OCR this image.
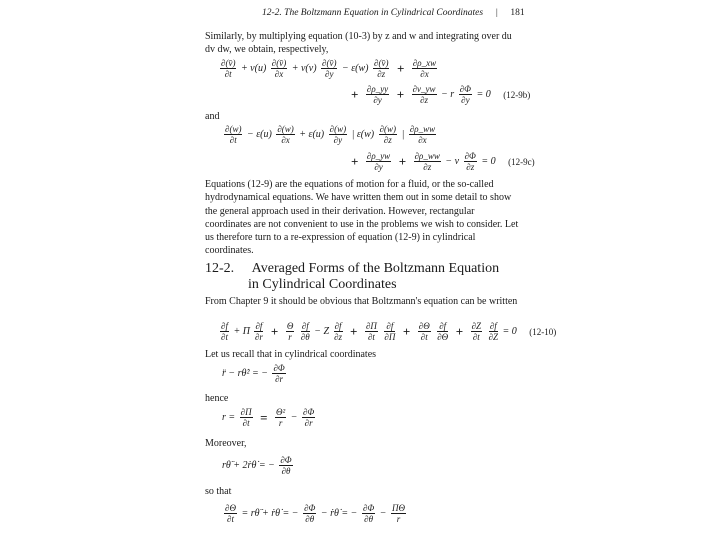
12-2. The Boltzmann Equation in Cylindrical Coordinates | 181
Similarly, by multiplying equation (10-3) by z and w and integrating over du dv dw, we obtain, respectively,
$\frac{\partial(v̄)}{\partial t} + \nu(u) \frac{\partial(v̄)}{\partial x} + \nu(v) \frac{\partial(v̄)}{\partial y} - \varepsilon(w) \frac{\partial(v̄)}{\partial z} + \frac{\partial\rho\_xw}{\partial x}$
+ $\frac{\partial\rho\_yy}{\partial y} + \frac{\partial\nu\_yw}{\partial z} - r \frac{\partial\Phi}{\partial y} = 0$ (12-9b)
and
$\frac{\partial(w)}{\partial t} - \varepsilon(u) \frac{\partial(w)}{\partial x} + \varepsilon(u) \frac{\partial(w)}{\partial y}$ | $\varepsilon(w) \frac{\partial(w)}{\partial z}$ | $\frac{\partial\rho\_ww}{\partial x}$
+ $\frac{\partial\rho\_yw}{\partial y} + \frac{\partial\rho\_ww}{\partial z} - \nu \frac{\partial\Phi}{\partial z} = 0$ (12-9c)
Equations (12-9) are the equations of motion for a fluid, or the so-called hydrodynamical equations. We have written them out in some detail to show the general approach used in their derivation. However, rectangular coordinates are not convenient to use in the problems we wish to consider. Let us therefore turn to a re-expression of equation (12-9) in cylindrical coordinates.
12-2. Averaged Forms of the Boltzmann Equation
in Cylindrical Coordinates
From Chapter 9 it should be obvious that Boltzmann's equation can be written
$\frac{\partial f}{\partial t} + \Pi \frac{\partial f}{\partial r} + \frac{\Theta}{r}$
$\frac{\partial f}{\partial\theta} - Z \frac{\partial f}{\partial z} + \frac{\partial\Pi}{\partial t}$
$\frac{\partial f}{\partial\Pi} + \frac{\partial\Theta}{\partial t}$
$\frac{\partial f}{\partial\Theta} + \frac{\partial Z}{\partial t}$
$\frac{\partial f}{\partial Z} = 0$ (12-10)
Let us recall that in cylindrical coordinates
r̈ − rθ̇² = − $\frac{\partial\Phi}{\partial r}$
hence
$r = \frac{\partial\Pi}{\partial t} = \frac{\text{Θ²}}{r} - \frac{\partial\Phi}{\partial r}$
Moreover,
rθ̈ + 2ṙθ̇ = − $\frac{\partial\Phi}{\partial\theta}$
so that
$\frac{\partial\Theta}{\partial t}$ = rθ̈ + ṙθ̇ = − $\frac{\partial\Phi}{\partial\theta}$ − ṙθ̇ = − $\frac{\partial\Phi}{\partial\theta} - \frac{\Pi\Theta}{r}$
